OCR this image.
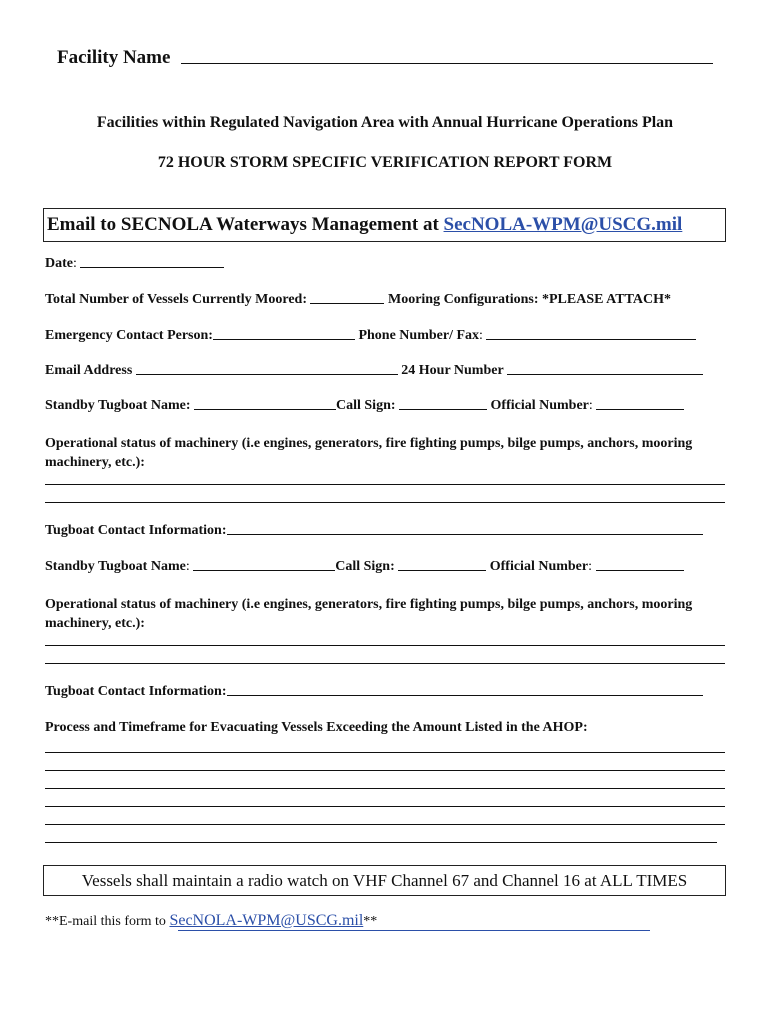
Facility Name
Facilities within Regulated Navigation Area with Annual Hurricane Operations Plan
72 HOUR STORM SPECIFIC VERIFICATION REPORT FORM
Email to SECNOLA Waterways Management at SecNOLA-WPM@USCG.mil
Date:
Total Number of Vessels Currently Moored:	Mooring Configurations: *PLEASE ATTACH*
Emergency Contact Person:	Phone Number/ Fax:
Email Address	24 Hour Number
Standby Tugboat Name:	Call Sign:	Official Number:
Operational status of machinery (i.e engines, generators, fire fighting pumps, bilge pumps, anchors, mooring machinery, etc.):
Tugboat Contact Information:
Standby Tugboat Name:	Call Sign:	Official Number:
Operational status of machinery (i.e engines, generators, fire fighting pumps, bilge pumps, anchors, mooring machinery, etc.):
Tugboat Contact Information:
Process and Timeframe for Evacuating Vessels Exceeding the Amount Listed in the AHOP:
Vessels shall maintain a radio watch on VHF Channel 67 and Channel 16 at ALL TIMES
**E-mail this form to SecNOLA-WPM@USCG.mil**
